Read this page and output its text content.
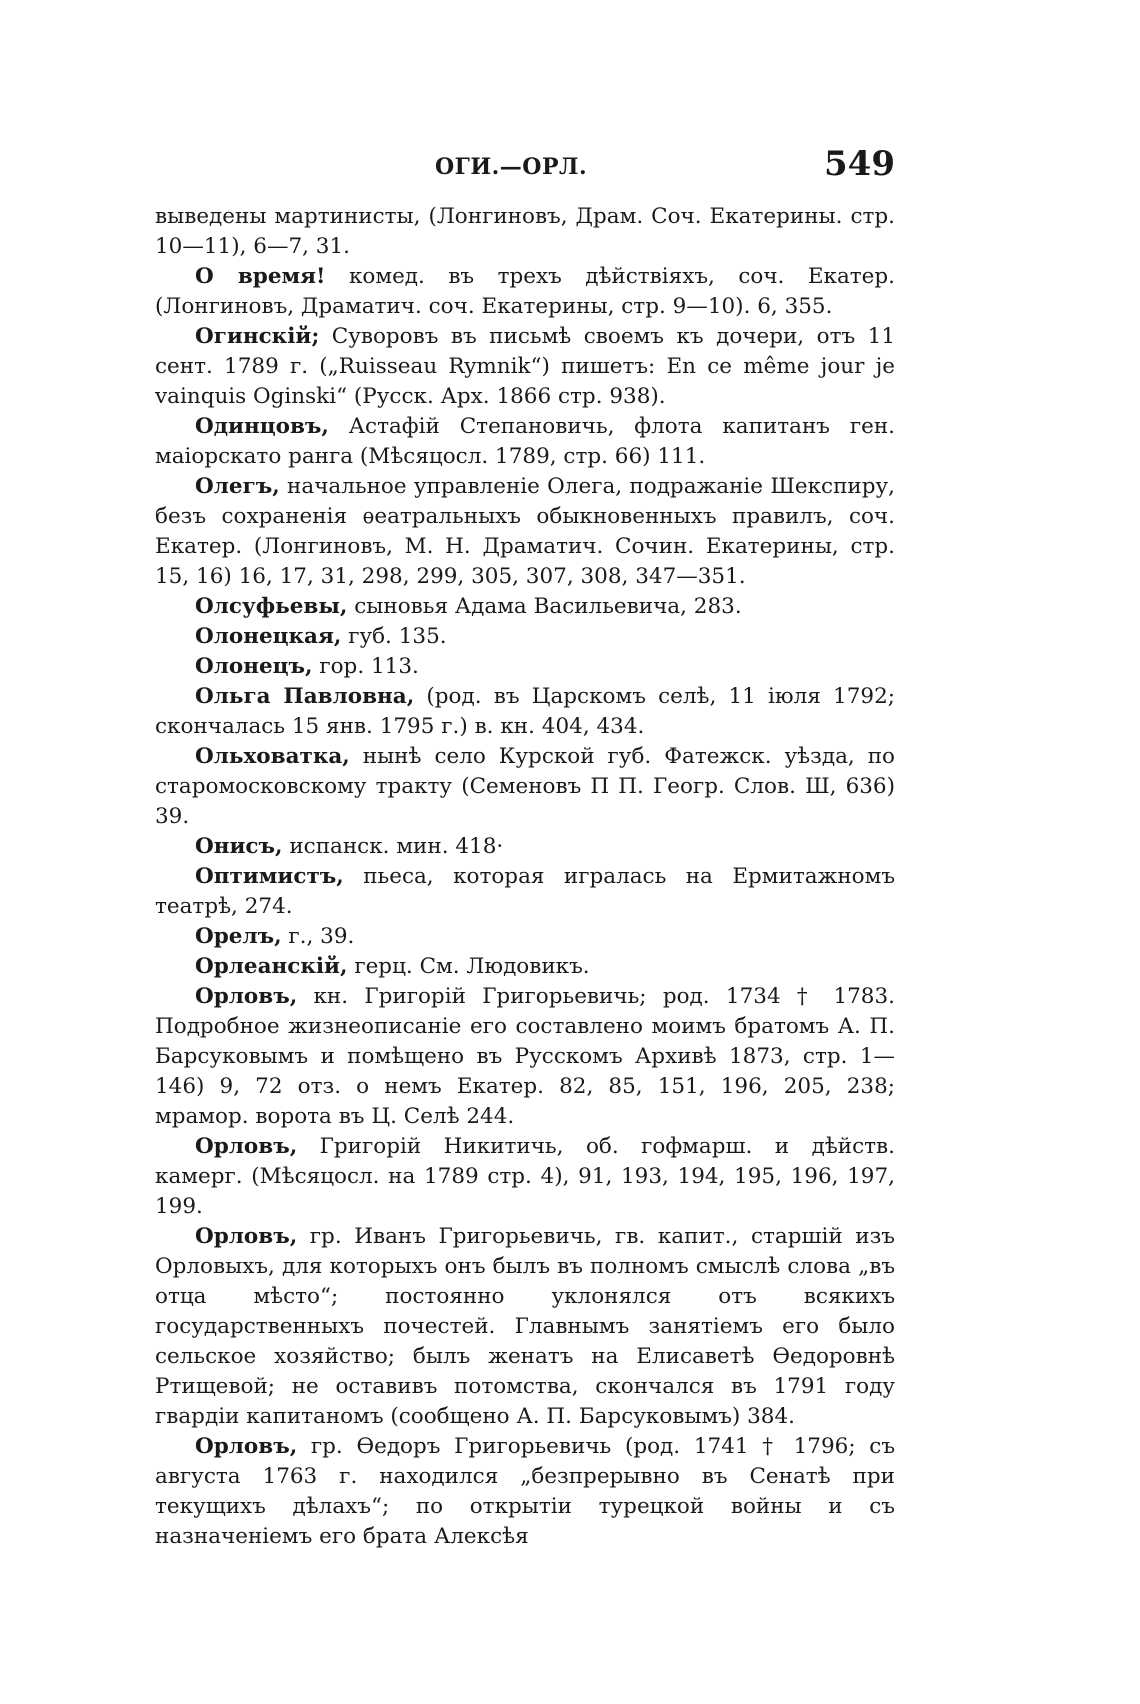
ОГИ.—ОРЛ.	549

выведены мартинисты, (Лонгиновъ, Драм. Соч. Екатерины. стр. 10—11), 6—7, 31.

О время! комед. въ трехъ дѣйствіяхъ, соч. Екатер. (Лонгиновъ, Драматич. соч. Екатерины, стр. 9—10). 6, 355.

Огинскій; Суворовъ въ письмѣ своемъ къ дочери, отъ 11 сент. 1789 г. („Ruisseau Rymnik“) пишетъ: En ce même jour je vainquis Oginski“ (Русск. Арх. 1866 стр. 938).

Одинцовъ, Астафій Степановичь, флота капитанъ ген. маіорскато ранга (Мѣсяцосл. 1789, стр. 66) 111.

Олегъ, начальное управленіе Олега, подражаніе Шекспиру, безъ сохраненія ѳеатральныхъ обыкновенныхъ правилъ, соч. Екатер. (Лонгиновъ, М. Н. Драматич. Сочин. Екатерины, стр. 15, 16) 16, 17, 31, 298, 299, 305, 307, 308, 347—351.

Олсуфьевы, сыновья Адама Васильевича, 283.

Олонецкая, губ. 135.

Олонецъ, гор. 113.

Ольга Павловна, (род. въ Царскомъ селѣ, 11 іюля 1792; скончалась 15 янв. 1795 г.) в. кн. 404, 434.

Ольховатка, нынѣ село Курской губ. Фатежск. уѣзда, по старомосковскому тракту (Семеновъ П П. Геогр. Слов. Ш, 636) 39.

Онисъ, испанск. мин. 418·

Оптимистъ, пьеса, которая игралась на Ермитажномъ театрѣ, 274.

Орелъ, г., 39.

Орлеанскій, герц. См. Людовикъ.

Орловъ, кн. Григорій Григорьевичь; род. 1734 † 1783. Подробное жизнеописаніе его составлено моимъ братомъ А. П. Барсуковымъ и помѣщено въ Русскомъ Архивѣ 1873, стр. 1—146) 9, 72 отз. о немъ Екатер. 82, 85, 151, 196, 205, 238; мрамор. ворота въ Ц. Селѣ 244.

Орловъ, Григорій Никитичь, об. гофмарш. и дѣйств. камерг. (Мѣсяцосл. на 1789 стр. 4), 91, 193, 194, 195, 196, 197, 199.

Орловъ, гр. Иванъ Григорьевичь, гв. капит., старшій изъ Орловыхъ, для которыхъ онъ былъ въ полномъ смыслѣ слова „въ отца мѣсто“; постоянно уклонялся отъ всякихъ государственныхъ почестей. Главнымъ занятіемъ его было сельское хозяйство; былъ женатъ на Елисаветѣ Ѳедоровнѣ Ртищевой; не оставивъ потомства, скончался въ 1791 году гвардіи капитаномъ (сообщено А. П. Барсуковымъ) 384.

Орловъ, гр. Ѳедоръ Григорьевичь (род. 1741 † 1796; съ августа 1763 г. находился „безпрерывно въ Сенатѣ при текущихъ дѣлахъ“; по открытіи турецкой войны и съ назначеніемъ его брата Алексѣя
